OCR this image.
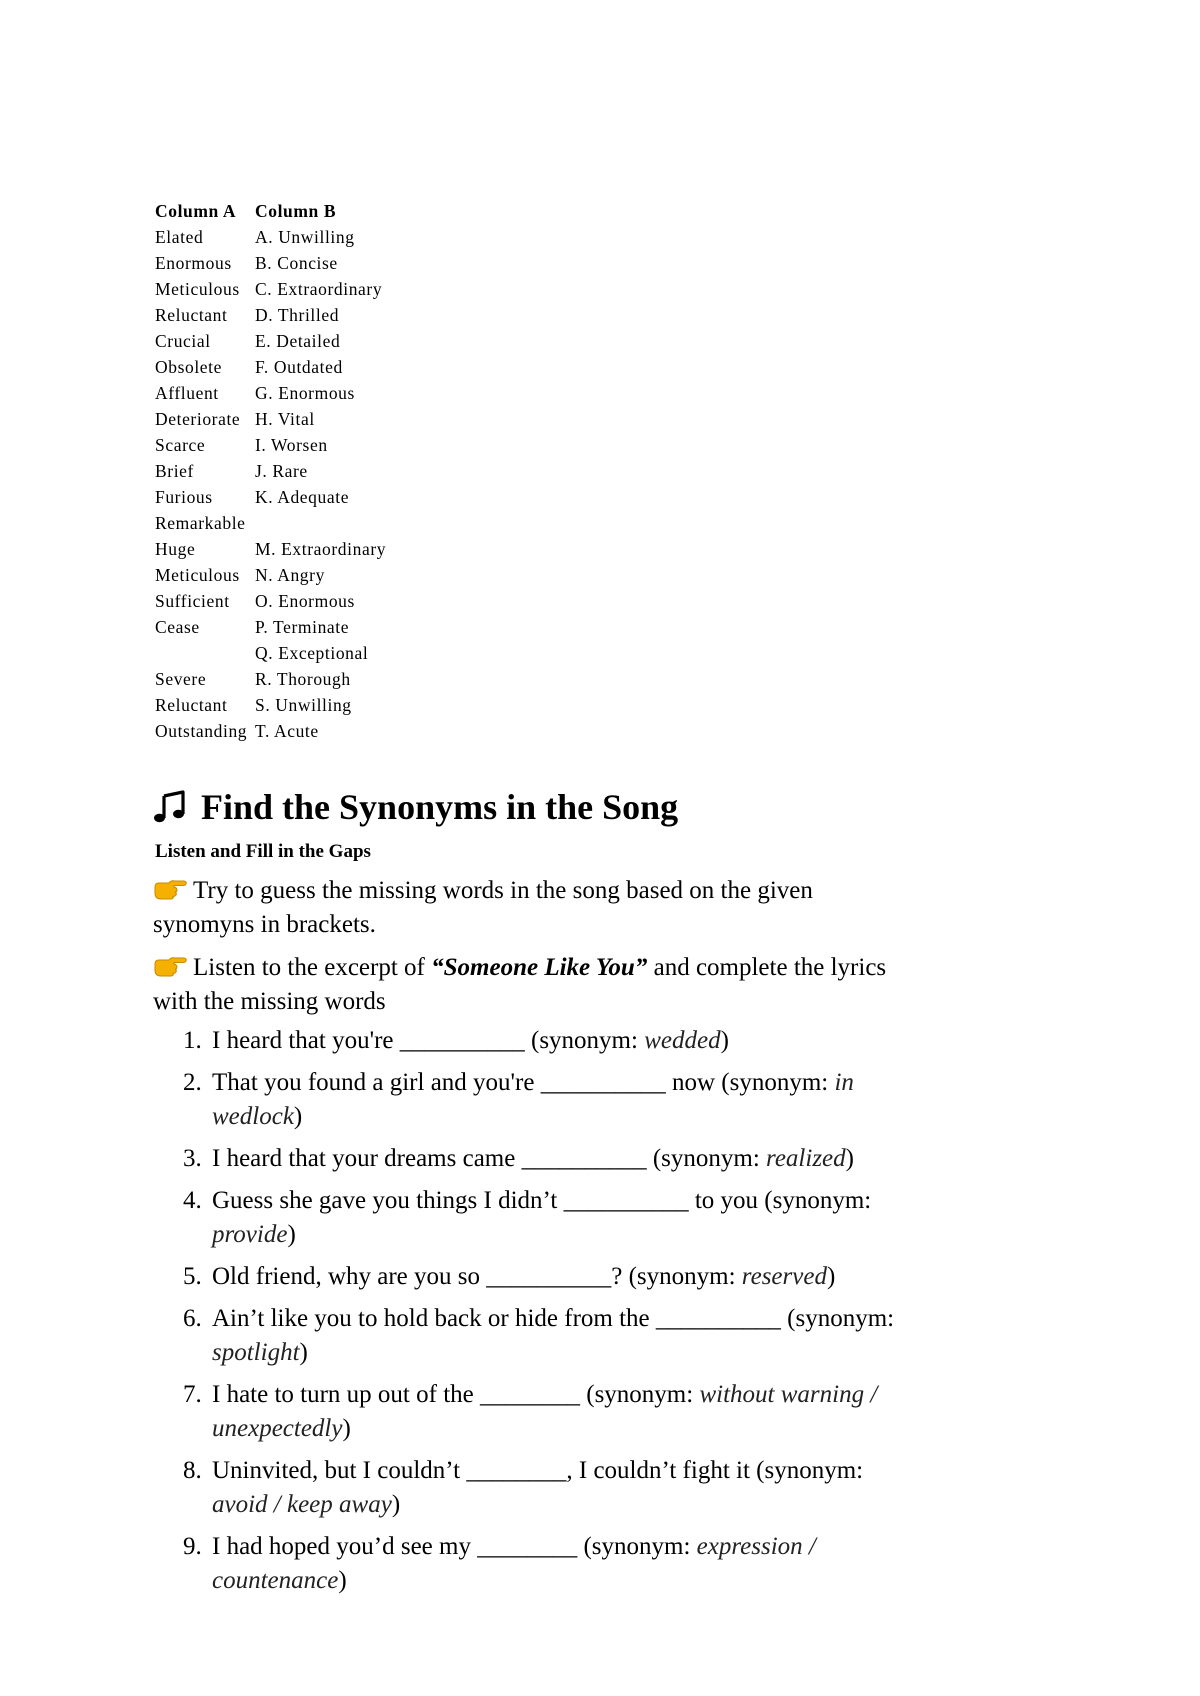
Column A	Column B
Elated	A. Unwilling
Enormous	B. Concise
Meticulous	C. Extraordinary
Reluctant	D. Thrilled
Crucial	E. Detailed
Obsolete	F. Outdated
Affluent	G. Enormous
Deteriorate	H. Vital
Scarce	I. Worsen
Brief	J. Rare
Furious	K. Adequate
Remarkable	
Huge	M. Extraordinary
Meticulous	N. Angry
Sufficient	O. Enormous
Cease	P. Terminate
	Q. Exceptional
Severe	R. Thorough
Reluctant	S. Unwilling
Outstanding	T. Acute
Find the Synonyms in the Song
Listen and Fill in the Gaps

Try to guess the missing words in the song based on the given synomyns in brackets.

Listen to the excerpt of “Someone Like You” and complete the lyrics with the missing words

1. I heard that you're __________ (synonym: wedded)
2. That you found a girl and you're __________ now (synonym: in wedlock)
3. I heard that your dreams came __________ (synonym: realized)
4. Guess she gave you things I didn’t __________ to you (synonym: provide)
5. Old friend, why are you so __________? (synonym: reserved)
6. Ain’t like you to hold back or hide from the __________ (synonym: spotlight)
7. I hate to turn up out of the ________ (synonym: without warning / unexpectedly)
8. Uninvited, but I couldn’t ________, I couldn’t fight it (synonym: avoid / keep away)
9. I had hoped you’d see my ________ (synonym: expression / countenance)
